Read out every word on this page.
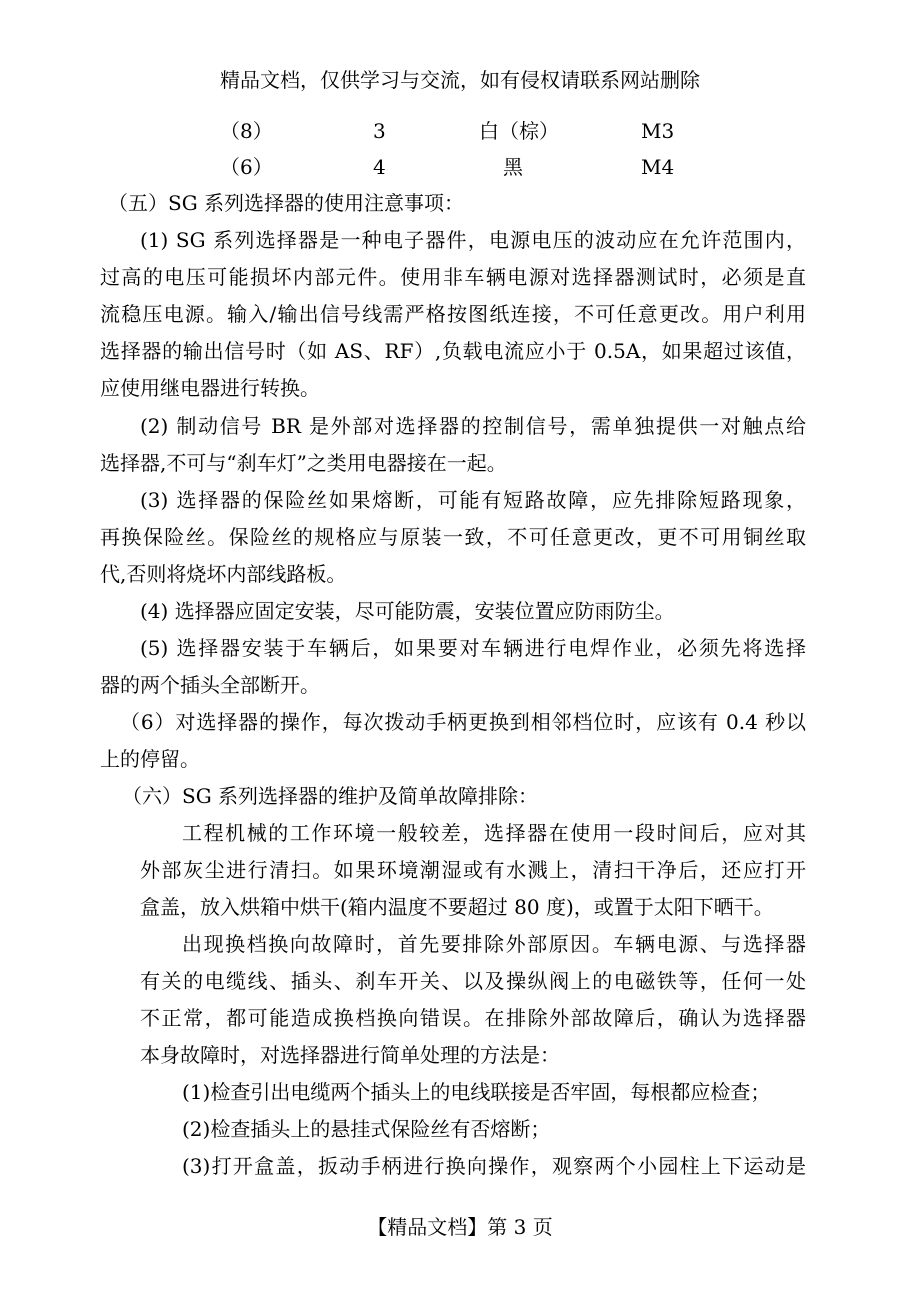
精品文档，仅供学习与交流，如有侵权请联系网站删除
（8）	3	白（棕）	M3
（6）	4	黑	M4
（五）SG 系列选择器的使用注意事项：
(1) SG 系列选择器是一种电子器件，电源电压的波动应在允许范围内，
过高的电压可能损坏内部元件。使用非车辆电源对选择器测试时，必须是直
流稳压电源。输入/输出信号线需严格按图纸连接，不可任意更改。用户利用
选择器的输出信号时（如 AS、RF）,负载电流应小于 0.5A，如果超过该值，
应使用继电器进行转换。
(2) 制动信号 BR 是外部对选择器的控制信号，需单独提供一对触点给
选择器,不可与“刹车灯”之类用电器接在一起。
(3) 选择器的保险丝如果熔断，可能有短路故障，应先排除短路现象，
再换保险丝。保险丝的规格应与原装一致，不可任意更改，更不可用铜丝取
代,否则将烧坏内部线路板。
(4) 选择器应固定安装，尽可能防震，安装位置应防雨防尘。
(5) 选择器安装于车辆后，如果要对车辆进行电焊作业，必须先将选择
器的两个插头全部断开。
（6）对选择器的操作，每次拨动手柄更换到相邻档位时，应该有 0.4 秒以
上的停留。
（六）SG 系列选择器的维护及简单故障排除：
工程机械的工作环境一般较差，选择器在使用一段时间后，应对其
外部灰尘进行清扫。如果环境潮湿或有水溅上，清扫干净后，还应打开
盒盖，放入烘箱中烘干(箱内温度不要超过 80 度)，或置于太阳下晒干。
出现换档换向故障时，首先要排除外部原因。车辆电源、与选择器
有关的电缆线、插头、刹车开关、以及操纵阀上的电磁铁等，任何一处
不正常，都可能造成换档换向错误。在排除外部故障后，确认为选择器
本身故障时，对选择器进行简单处理的方法是：
(1)检查引出电缆两个插头上的电线联接是否牢固，每根都应检查；
(2)检查插头上的悬挂式保险丝有否熔断；
(3)打开盒盖，扳动手柄进行换向操作，观察两个小园柱上下运动是
【精品文档】第 3 页
